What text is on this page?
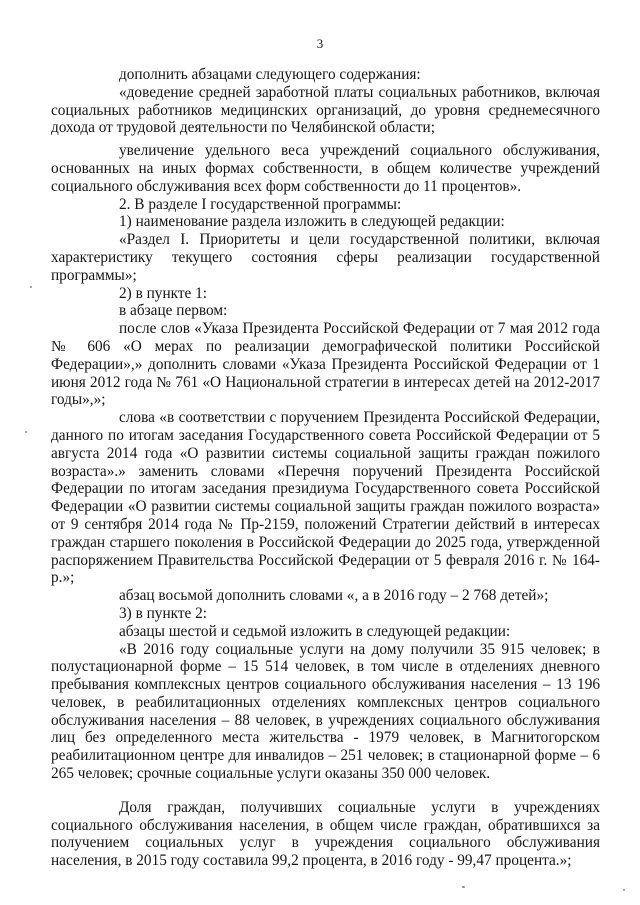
3

дополнить абзацами следующего содержания:

«доведение средней заработной платы социальных работников, включая социальных работников медицинских организаций, до уровня среднемесячного дохода от трудовой деятельности по Челябинской области;

увеличение удельного веса учреждений социального обслуживания, основанных на иных формах собственности, в общем количестве учреждений социального обслуживания всех форм собственности до 11 процентов».

2. В разделе I государственной программы:

1) наименование раздела изложить в следующей редакции:

«Раздел I. Приоритеты и цели государственной политики, включая характеристику текущего состояния сферы реализации государственной программы»;

2) в пункте 1:

в абзаце первом:

после слов «Указа Президента Российской Федерации от 7 мая 2012 года № 606 «О мерах по реализации демографической политики Российской Федерации»,» дополнить словами «Указа Президента Российской Федерации от 1 июня 2012 года № 761 «О Национальной стратегии в интересах детей на 2012-2017 годы»,»;

слова «в соответствии с поручением Президента Российской Федерации, данного по итогам заседания Государственного совета Российской Федерации от 5 августа 2014 года «О развитии системы социальной защиты граждан пожилого возраста».» заменить словами «Перечня поручений Президента Российской Федерации по итогам заседания президиума Государственного совета Российской Федерации «О развитии системы социальной защиты граждан пожилого возраста» от 9 сентября 2014 года № Пр-2159, положений Стратегии действий в интересах граждан старшего поколения в Российской Федерации до 2025 года, утвержденной распоряжением Правительства Российской Федерации от 5 февраля 2016 г. № 164-р.»;

абзац восьмой дополнить словами «, а в 2016 году – 2 768 детей»;

3) в пункте 2:

абзацы шестой и седьмой изложить в следующей редакции:

«В 2016 году социальные услуги на дому получили 35 915 человек; в полустационарной форме – 15 514 человек, в том числе в отделениях дневного пребывания комплексных центров социального обслуживания населения – 13 196 человек, в реабилитационных отделениях комплексных центров социального обслуживания населения – 88 человек, в учреждениях социального обслуживания лиц без определенного места жительства - 1979 человек, в Магнитогорском реабилитационном центре для инвалидов – 251 человек; в стационарной форме – 6 265 человек; срочные социальные услуги оказаны 350 000 человек.

Доля граждан, получивших социальные услуги в учреждениях социального обслуживания населения, в общем числе граждан, обратившихся за получением социальных услуг в учреждения социального обслуживания населения, в 2015 году составила 99,2 процента, в 2016 году - 99,47 процента.»;
